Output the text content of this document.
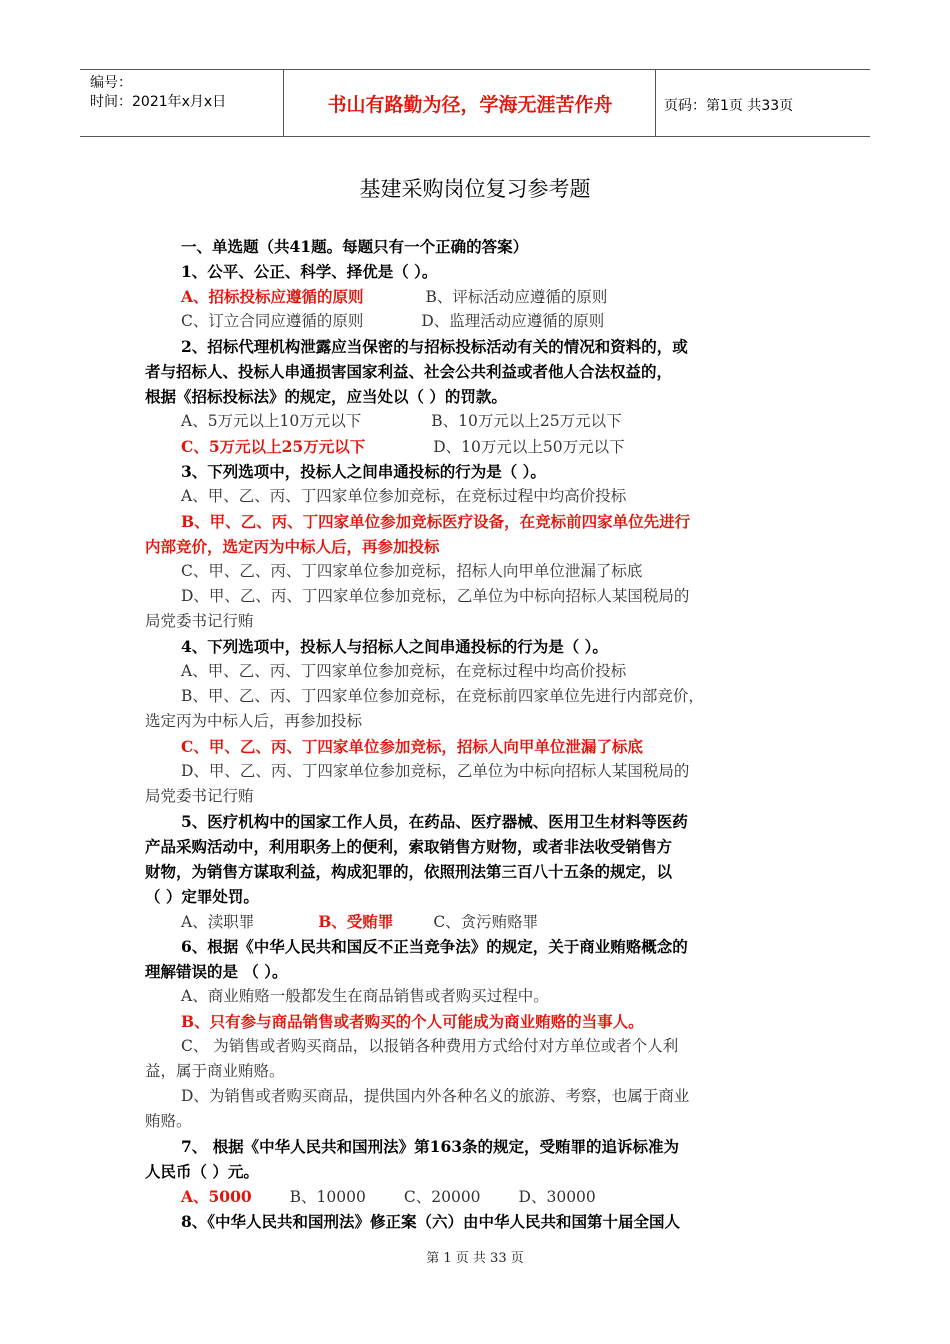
编号：
时间：2021年x月x日	书山有路勤为径，学海无涯苦作舟	页码：第1页 共33页
基建采购岗位复习参考题
一、单选题（共41题。每题只有一个正确的答案）
1、公平、公正、科学、择优是（ ）。
A、招标投标应遵循的原则	B、评标活动应遵循的原则
C、订立合同应遵循的原则	D、监理活动应遵循的原则
2、招标代理机构泄露应当保密的与招标投标活动有关的情况和资料的，或
者与招标人、投标人串通损害国家利益、社会公共利益或者他人合法权益的，
根据《招标投标法》的规定，应当处以（ ）的罚款。
A、5万元以上10万元以下	B、10万元以上25万元以下
C、5万元以上25万元以下	D、10万元以上50万元以下
3、下列选项中，投标人之间串通投标的行为是（ ）。
A、甲、乙、丙、丁四家单位参加竞标，在竞标过程中均高价投标
B、甲、乙、丙、丁四家单位参加竞标医疗设备，在竞标前四家单位先进行
内部竞价，选定丙为中标人后，再参加投标
C、甲、乙、丙、丁四家单位参加竞标，招标人向甲单位泄漏了标底
D、甲、乙、丙、丁四家单位参加竞标，乙单位为中标向招标人某国税局的
局党委书记行贿
4、下列选项中，投标人与招标人之间串通投标的行为是（ ）。
A、甲、乙、丙、丁四家单位参加竞标，在竞标过程中均高价投标
B、甲、乙、丙、丁四家单位参加竞标，在竞标前四家单位先进行内部竞价，
选定丙为中标人后，再参加投标
C、甲、乙、丙、丁四家单位参加竞标，招标人向甲单位泄漏了标底
D、甲、乙、丙、丁四家单位参加竞标，乙单位为中标向招标人某国税局的
局党委书记行贿
5、医疗机构中的国家工作人员，在药品、医疗器械、医用卫生材料等医药
产品采购活动中，利用职务上的便利，索取销售方财物，或者非法收受销售方
财物，为销售方谋取利益，构成犯罪的，依照刑法第三百八十五条的规定，以
（ ）定罪处罚。
A、渎职罪	B、受贿罪	C、贪污贿赂罪
6、根据《中华人民共和国反不正当竞争法》的规定，关于商业贿赂概念的
理解错误的是 （ ）。
A、商业贿赂一般都发生在商品销售或者购买过程中。
B、只有参与商品销售或者购买的个人可能成为商业贿赂的当事人。
C、 为销售或者购买商品，以报销各种费用方式给付对方单位或者个人利
益，属于商业贿赂。
D、为销售或者购买商品，提供国内外各种名义的旅游、考察，也属于商业
贿赂。
7、 根据《中华人民共和国刑法》第163条的规定，受贿罪的追诉标准为
人民币（ ）元。
A、5000 B、10000 C、20000 D、30000
8、《中华人民共和国刑法》修正案（六）由中华人民共和国第十届全国人
第 1 页 共 33 页
